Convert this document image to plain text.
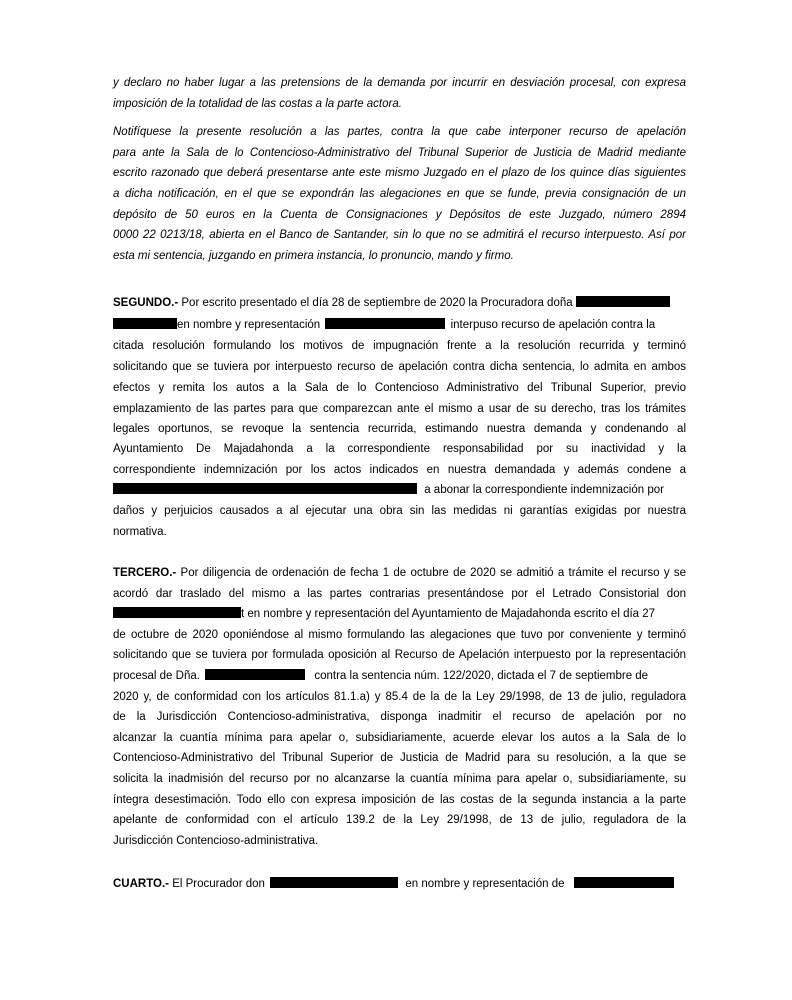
y declaro no haber lugar a las pretensions de la demanda por incurrir en desviación procesal, con expresa
imposición de la totalidad de las costas a la parte actora.
Notifíquese la presente resolución a las partes, contra la que cabe interponer recurso de apelación
para ante la Sala de lo Contencioso-Administrativo del Tribunal Superior de Justicia de Madrid mediante
escrito razonado que deberá presentarse ante este mismo Juzgado en el plazo de los quince días siguientes
a dicha notificación, en el que se expondrán las alegaciones en que se funde, previa consignación de un
depósito de 50 euros en la Cuenta de Consignaciones y Depósitos de este Juzgado, número 2894
0000 22 0213/18, abierta en el Banco de Santander, sin lo que no se admitirá el recurso interpuesto. Así por
esta mi sentencia, juzgando en primera instancia, lo pronuncio, mando y firmo.
SEGUNDO.- Por escrito presentado el día 28 de septiembre de 2020 la Procuradora doña
en nombre y representación	interpuso recurso de apelación contra la
citada resolución formulando los motivos de impugnación frente a la resolución recurrida y terminó
solicitando que se tuviera por interpuesto recurso de apelación contra dicha sentencia, lo admita en ambos
efectos y remita los autos a la Sala de lo Contencioso Administrativo del Tribunal Superior, previo
emplazamiento de las partes para que comparezcan ante el mismo a usar de su derecho, tras los trámites
legales oportunos, se revoque la sentencia recurrida, estimando nuestra demanda y condenando al
Ayuntamiento De Majadahonda a la correspondiente responsabilidad por su inactividad y la
correspondiente indemnización por los actos indicados en nuestra demandada y además condene a
a abonar la correspondiente indemnización por
daños y perjuicios causados a al ejecutar una obra sin las medidas ni garantías exigidas por nuestra
normativa.
TERCERO.- Por diligencia de ordenación de fecha 1 de octubre de 2020 se admitió a trámite el recurso y se
acordó dar traslado del mismo a las partes contrarias presentándose por el Letrado Consistorial don
t en nombre y representación del Ayuntamiento de Majadahonda escrito el día 27
de octubre de 2020 oponiéndose al mismo formulando las alegaciones que tuvo por conveniente y terminó
solicitando que se tuviera por formulada oposición al Recurso de Apelación interpuesto por la representación
procesal de Dña.	contra la sentencia núm. 122/2020, dictada el 7 de septiembre de
2020 y, de conformidad con los artículos 81.1.a) y 85.4 de la de la Ley 29/1998, de 13 de julio, reguladora
de la Jurisdicción Contencioso-administrativa, disponga inadmitir el recurso de apelación por no
alcanzar la cuantía mínima para apelar o, subsidiariamente, acuerde elevar los autos a la Sala de lo
Contencioso-Administrativo del Tribunal Superior de Justicia de Madrid para su resolución, a la que se
solicita la inadmisión del recurso por no alcanzarse la cuantía mínima para apelar o, subsidiariamente, su
íntegra desestimación. Todo ello con expresa imposición de las costas de la segunda instancia a la parte
apelante de conformidad con el artículo 139.2 de la Ley 29/1998, de 13 de julio, reguladora de la
Jurisdicción Contencioso-administrativa.
CUARTO.- El Procurador don	en nombre y representación de
